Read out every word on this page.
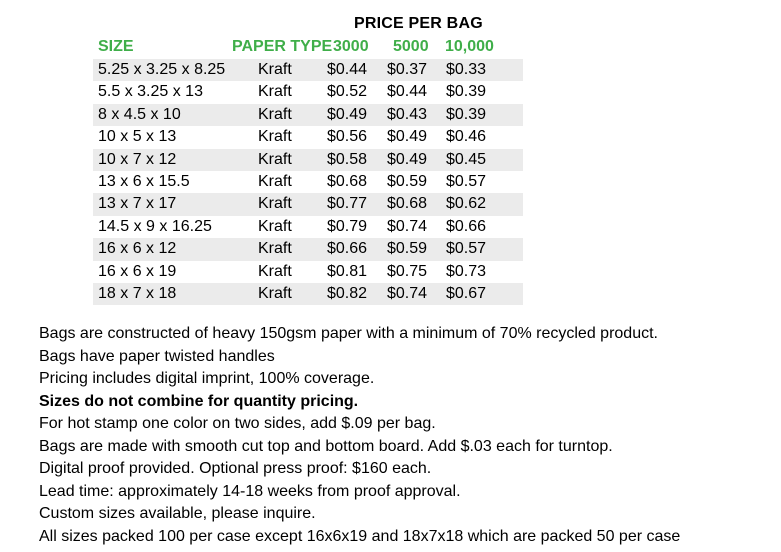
PRICE PER BAG
SIZE	PAPER TYPE 3000 5000 10,000
5.25 x 3.25 x 8.25 Kraft $0.44 $0.37 $0.33
5.5 x 3.25 x 13	Kraft $0.52 $0.44 $0.39
8 x 4.5 x 10	Kraft $0.49 $0.43 $0.39
10 x 5 x 13	Kraft $0.56 $0.49 $0.46
10 x 7 x 12	Kraft $0.58 $0.49 $0.45
13 x 6 x 15.5	Kraft $0.68 $0.59 $0.57
13 x 7 x 17	Kraft $0.77 $0.68 $0.62
14.5 x 9 x 16.25	Kraft $0.79 $0.74 $0.66
16 x 6 x 12	Kraft $0.66 $0.59 $0.57
16 x 6 x 19	Kraft $0.81 $0.75 $0.73
18 x 7 x 18	Kraft $0.82 $0.74 $0.67
Bags are constructed of heavy 150gsm paper with a minimum of 70% recycled product.
Bags have paper twisted handles
Pricing includes digital imprint, 100% coverage.
Sizes do not combine for quantity pricing.
For hot stamp one color on two sides, add $.09 per bag.
Bags are made with smooth cut top and bottom board. Add $.03 each for turntop.
Digital proof provided. Optional press proof: $160 each.
Lead time: approximately 14-18 weeks from proof approval.
Custom sizes available, please inquire.
All sizes packed 100 per case except 16x6x19 and 18x7x18 which are packed 50 per case
